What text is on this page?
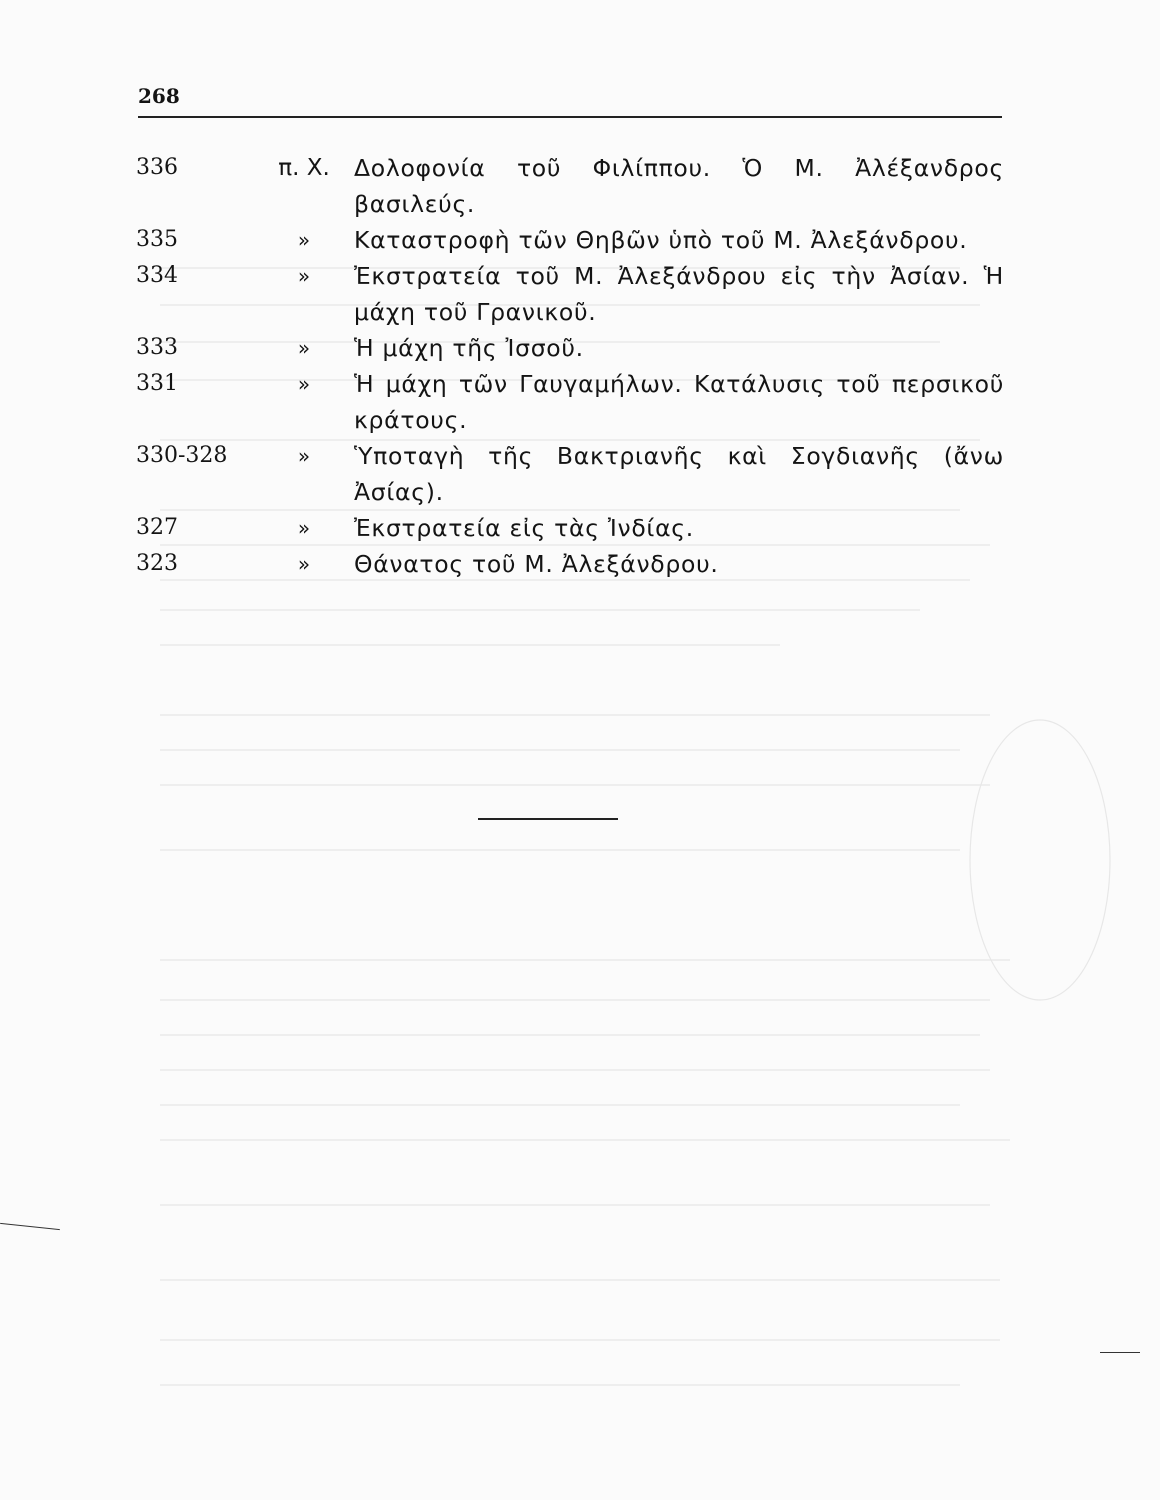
268
336	π. Χ.	Δολοφονία τοῦ Φιλίππου. Ὁ Μ. Ἀλέξανδρος βασιλεύς.
335	»	Καταστροφὴ τῶν Θηβῶν ὑπὸ τοῦ Μ. Ἀλεξάνδρου.
334	»	Ἐκστρατεία τοῦ Μ. Ἀλεξάνδρου εἰς τὴν Ἀσίαν. Ἡ μάχη τοῦ Γρανικοῦ.
333	»	Ἡ μάχη τῆς Ἰσσοῦ.
331	»	Ἡ μάχη τῶν Γαυγαμήλων. Κατάλυσις τοῦ περσικοῦ κράτους.
330-328	»	Ὑποταγὴ τῆς Βακτριανῆς καὶ Σογδιανῆς (ἄνω Ἀσίας).
327	»	Ἐκστρατεία εἰς τὰς Ἰνδίας.
323	»	Θάνατος τοῦ Μ. Ἀλεξάνδρου.
